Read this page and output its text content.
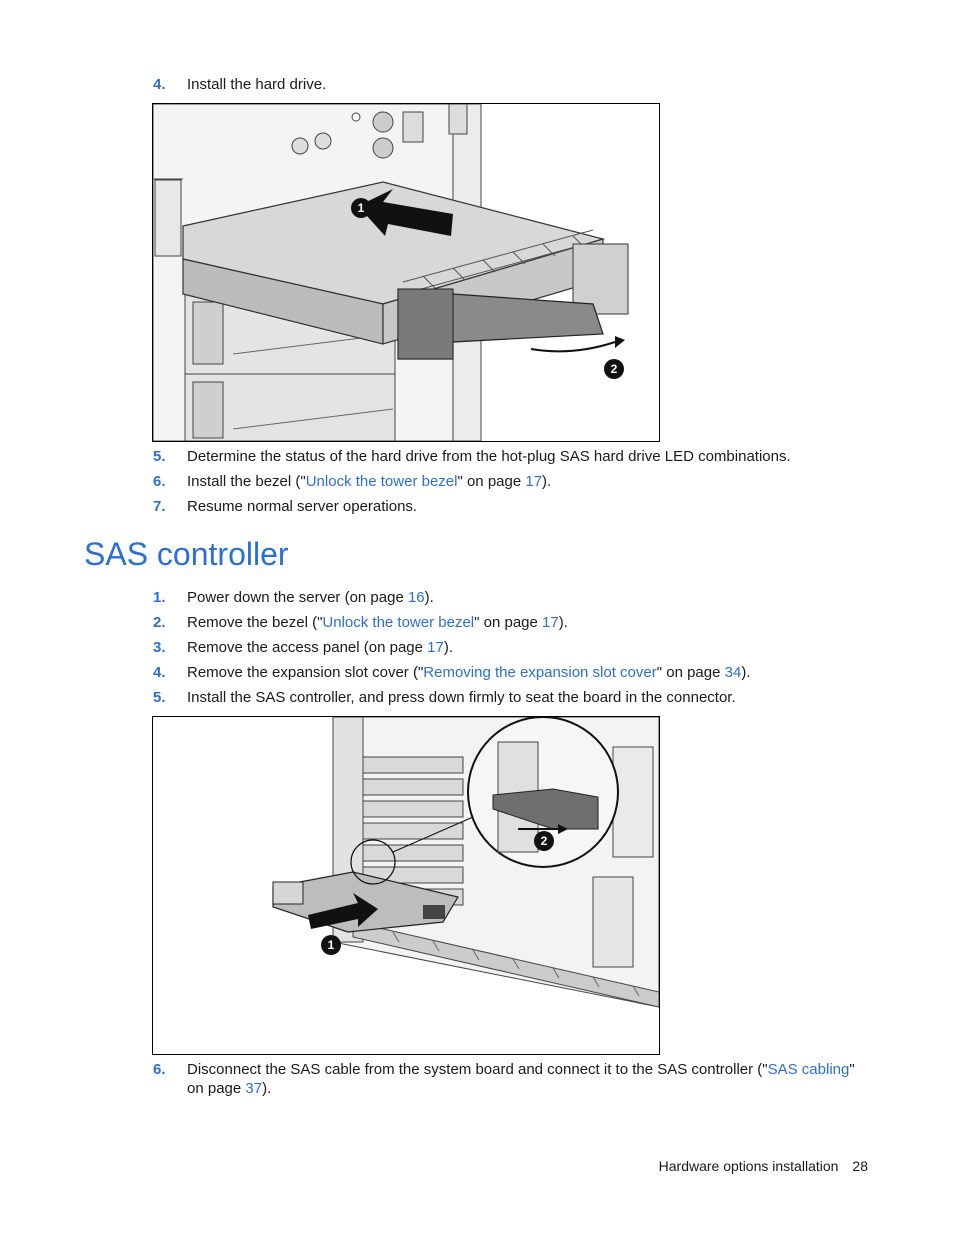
4.	Install the hard drive.
1
2
5.	Determine the status of the hard drive from the hot-plug SAS hard drive LED combinations.
6.	Install the bezel ("Unlock the tower bezel" on page 17).
7.	Resume normal server operations.
SAS controller
1.	Power down the server (on page 16).
2.	Remove the bezel ("Unlock the tower bezel" on page 17).
3.	Remove the access panel (on page 17).
4.	Remove the expansion slot cover ("Removing the expansion slot cover" on page 34).
5.	Install the SAS controller, and press down firmly to seat the board in the connector.
1
2
6.	Disconnect the SAS cable from the system board and connect it to the SAS controller ("SAS cabling" on page 37).
Hardware options installation 28
